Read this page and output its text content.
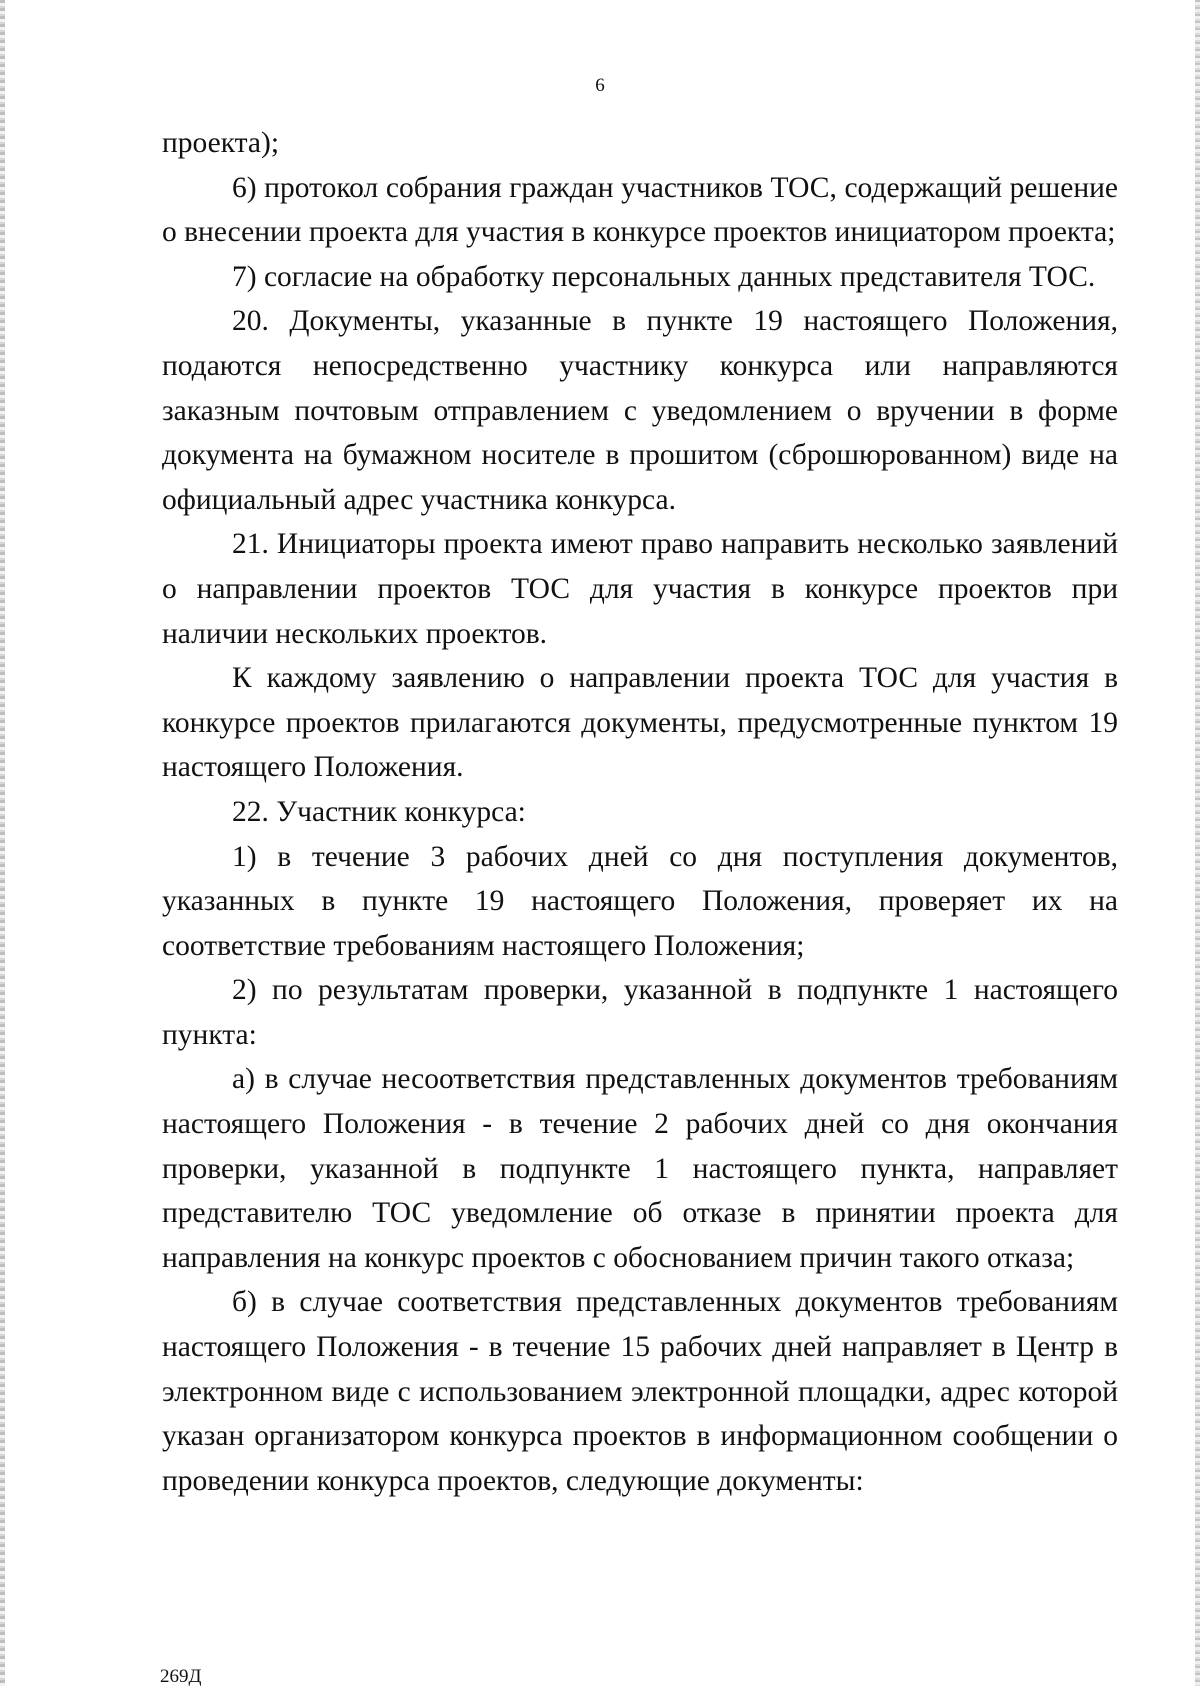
6

проекта);

6) протокол собрания граждан участников ТОС, содержащий решение о внесении проекта для участия в конкурсе проектов инициатором проекта;

7) согласие на обработку персональных данных представителя ТОС.

20. Документы, указанные в пункте 19 настоящего Положения, подаются непосредственно участнику конкурса или направляются заказным почтовым отправлением с уведомлением о вручении в форме документа на бумажном носителе в прошитом (сброшюрованном) виде на официальный адрес участника конкурса.

21. Инициаторы проекта имеют право направить несколько заявлений о направлении проектов ТОС для участия в конкурсе проектов при наличии нескольких проектов.

К каждому заявлению о направлении проекта ТОС для участия в конкурсе проектов прилагаются документы, предусмотренные пунктом 19 настоящего Положения.

22. Участник конкурса:

1) в течение 3 рабочих дней со дня поступления документов, указанных в пункте 19 настоящего Положения, проверяет их на соответствие требованиям настоящего Положения;

2) по результатам проверки, указанной в подпункте 1 настоящего пункта:

а) в случае несоответствия представленных документов требованиям настоящего Положения - в течение 2 рабочих дней со дня окончания проверки, указанной в подпункте 1 настоящего пункта, направляет представителю ТОС уведомление об отказе в принятии проекта для направления на конкурс проектов с обоснованием причин такого отказа;

б) в случае соответствия представленных документов требованиям настоящего Положения - в течение 15 рабочих дней направляет в Центр в электронном виде с использованием электронной площадки, адрес которой указан организатором конкурса проектов в информационном сообщении о проведении конкурса проектов, следующие документы:

269Д
